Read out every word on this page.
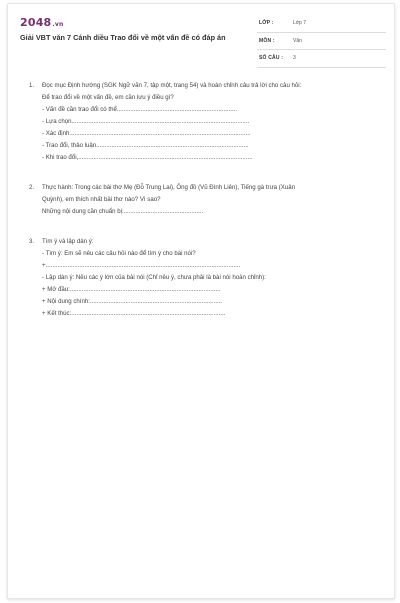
2048.vn
Giải VBT văn 7 Cánh diều Trao đổi về một vấn đề có đáp án
LỚP :	Lớp 7
MÔN :	Văn
SỐ CÂU : 3
1. Đọc mục Định hướng (SGK Ngữ văn 7, tập một, trang 54) và hoàn chỉnh câu trả lời cho câu hỏi:
Để trao đổi về một vấn đề, em cần lưu ý điều gì?
- Vấn đề cần trao đổi có thể.......................................................................
- Lựa chọn.........................................................................................................
- Xác định...........................................................................................................
- Trao đổi, thảo luận..........................................................................................
- Khi trao đổi,.......................................................................................................
2. Thực hành: Trong các bài thơ Mẹ (Đỗ Trung Lai), Ông đồ (Vũ Đình Liên), Tiếng gà trưa (Xuân
Quỳnh), em thích nhất bài thơ nào? Vì sao?
Những nội dung cần chuẩn bị:...............................................
3. Tìm ý và lập dàn ý:
- Tìm ý: Em sẽ nêu các câu hỏi nào để tìm ý cho bài nói?
+...................................................................................................................
- Lập dàn ý: Nêu các ý lớn của bài nói (Chỉ nêu ý, chưa phải là bài nói hoàn chỉnh):
+ Mở đầu:.........................................................................................
+ Nội dung chính:..............................................................................
+ Kết thúc:...........................................................................................
